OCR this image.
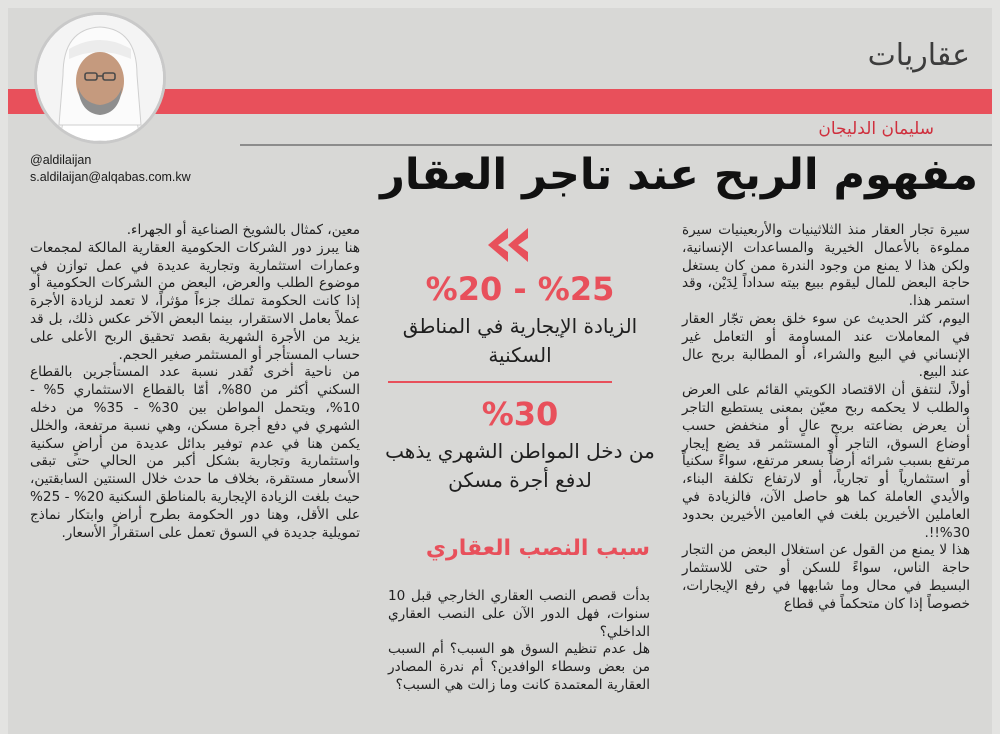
عقاريات
سليمان الدليجان
@aldilaijan
s.aldilaijan@alqabas.com.kw	مفهوم الربح عند تاجر العقار

سيرة تجار العقار منذ الثلاثينيات والأربعينيات سيرة مملوءة بالأعمال الخيرية والمساعدات الإنسانية، ولكن هذا لا يمنع من وجود الندرة ممن كان يستغل حاجة البعض للمال ليقوم ببيع بيته سداداً لِدَيْن، وقد استمر هذا.

اليوم، كثر الحديث عن سوء خلق بعض تجّار العقار في المعاملات عند المساومة أو التعامل غير الإنساني في البيع والشراء، أو المطالبة بربح عال عند البيع.

أولاً، لنتفق أن الاقتصاد الكويتي القائم على العرض والطلب لا يحكمه ربح معيّن بمعنى يستطيع التاجر أن يعرض بضاعته بربح عالٍ أو منخفض حسب أوضاع السوق، التاجر أو المستثمر قد يضع إيجار مرتفع بسبب شرائه أرضاً بسعر مرتفع، سواءً سكنياً أو استثمارياً أو تجارياً، أو لارتفاع تكلفة البناء، والأيدي العاملة كما هو حاصل الآن، فالزيادة في العاملين الأخيرين بلغت في العامين الأخيرين بحدود 30%!!.

هذا لا يمنع من القول عن استغلال البعض من التجار حاجة الناس، سواءً للسكن أو حتى للاستثمار البسيط في محال وما شابهها في رفع الإيجارات، خصوصاً إذا كان متحكماً في قطاع

%20 - %25
الزيادة الإيجارية في المناطق السكنية
%30
من دخل المواطن الشهري يذهب لدفع أجرة مسكن
سبب النصب العقاري

بدأت قصص النصب العقاري الخارجي قبل 10 سنوات، فهل الدور الآن على النصب العقاري الداخلي؟

هل عدم تنظيم السوق هو السبب؟ أم السبب من بعض وسطاء الوافدين؟ أم ندرة المصادر العقارية المعتمدة كانت وما زالت هي السبب؟

معين، كمثال بالشويخ الصناعية أو الجهراء.

هنا يبرز دور الشركات الحكومية العقارية المالكة لمجمعات وعمارات استثمارية وتجارية عديدة في عمل توازن في موضوع الطلب والعرض، البعض من الشركات الحكومية أو إذا كانت الحكومة تملك جزءاً مؤثراً، لا تعمد لزيادة الأجرة عملاً بعامل الاستقرار، بينما البعض الآخر عكس ذلك، بل قد يزيد من الأجرة الشهرية بقصد تحقيق الربح الأعلى على حساب المستأجر أو المستثمر صغير الحجم.

من ناحية أخرى تُقدر نسبة عدد المستأجرين بالقطاع السكني أكثر من 80%، أمّا بالقطاع الاستثماري 5% - 10%، ويتحمل المواطن بين 30% - 35% من دخله الشهري في دفع أجرة مسكن، وهي نسبة مرتفعة، والخلل يكمن هنا في عدم توفير بدائل عديدة من أراضٍ سكنية واستثمارية وتجارية بشكل أكبر من الحالي حتى تبقى الأسعار مستقرة، بخلاف ما حدث خلال السنتين السابقتين، حيث بلغت الزيادة الإيجارية بالمناطق السكنية 20% - 25% على الأقل، وهنا دور الحكومة بطرح أراضٍ وابتكار نماذج تمويلية جديدة في السوق تعمل على استقرار الأسعار.
